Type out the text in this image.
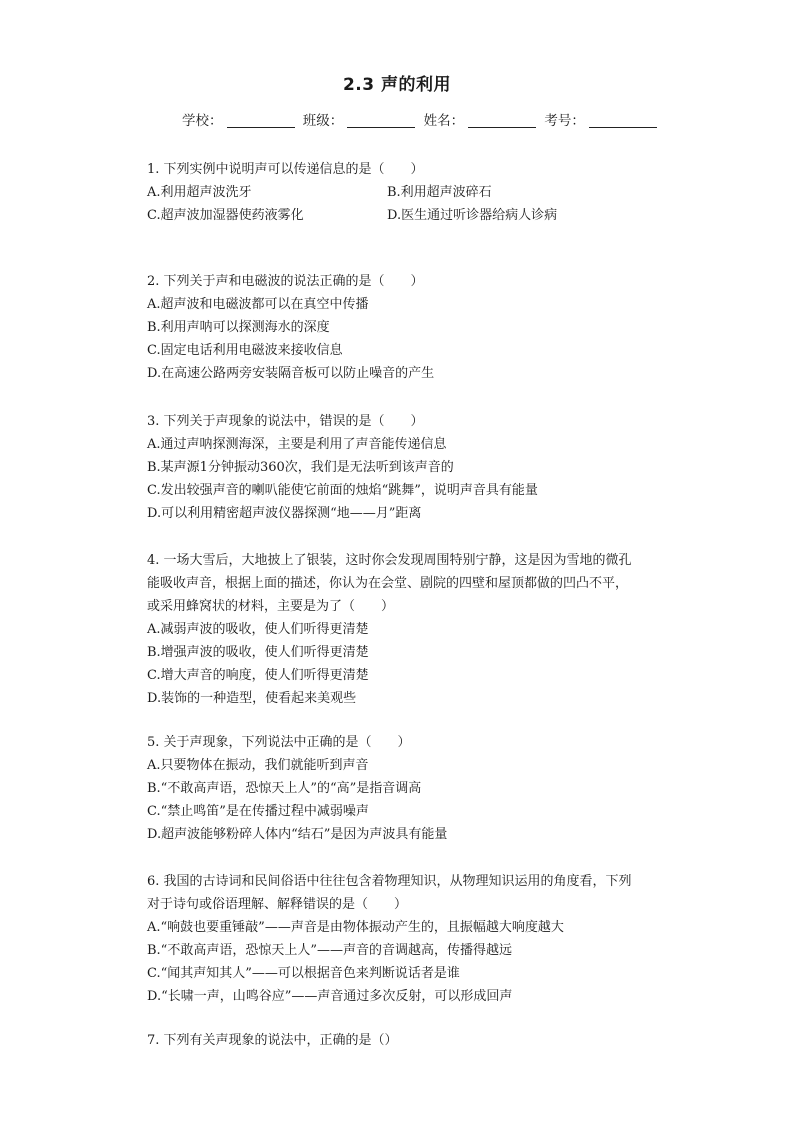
2.3 声的利用
学校：	班级：	姓名：	考号：
1. 下列实例中说明声可以传递信息的是（　　）
A.利用超声波洗牙	B.利用超声波碎石
C.超声波加湿器使药液雾化	D.医生通过听诊器给病人诊病
2. 下列关于声和电磁波的说法正确的是（　　）
A.超声波和电磁波都可以在真空中传播
B.利用声呐可以探测海水的深度
C.固定电话利用电磁波来接收信息
D.在高速公路两旁安装隔音板可以防止噪音的产生
3. 下列关于声现象的说法中，错误的是（　　）
A.通过声呐探测海深，主要是利用了声音能传递信息
B.某声源1分钟振动360次，我们是无法听到该声音的
C.发出较强声音的喇叭能使它前面的烛焰“跳舞”，说明声音具有能量
D.可以利用精密超声波仪器探测“地——月”距离
4. 一场大雪后，大地披上了银装，这时你会发现周围特别宁静，这是因为雪地的微孔
能吸收声音，根据上面的描述，你认为在会堂、剧院的四壁和屋顶都做的凹凸不平，
或采用蜂窝状的材料，主要是为了（　　）
A.减弱声波的吸收，使人们听得更清楚
B.增强声波的吸收，使人们听得更清楚
C.增大声音的响度，使人们听得更清楚
D.装饰的一种造型，使看起来美观些
5. 关于声现象，下列说法中正确的是（　　）
A.只要物体在振动，我们就能听到声音
B.“不敢高声语，恐惊天上人”的“高”是指音调高
C.“禁止鸣笛”是在传播过程中减弱噪声
D.超声波能够粉碎人体内“结石”是因为声波具有能量
6. 我国的古诗词和民间俗语中往往包含着物理知识，从物理知识运用的角度看，下列
对于诗句或俗语理解、解释错误的是（　　）
A.“响鼓也要重锤敲”——声音是由物体振动产生的，且振幅越大响度越大
B.“不敢高声语，恐惊天上人”——声音的音调越高，传播得越远
C.“闻其声知其人”——可以根据音色来判断说话者是谁
D.“长啸一声，山鸣谷应”——声音通过多次反射，可以形成回声
7. 下列有关声现象的说法中，正确的是（）
